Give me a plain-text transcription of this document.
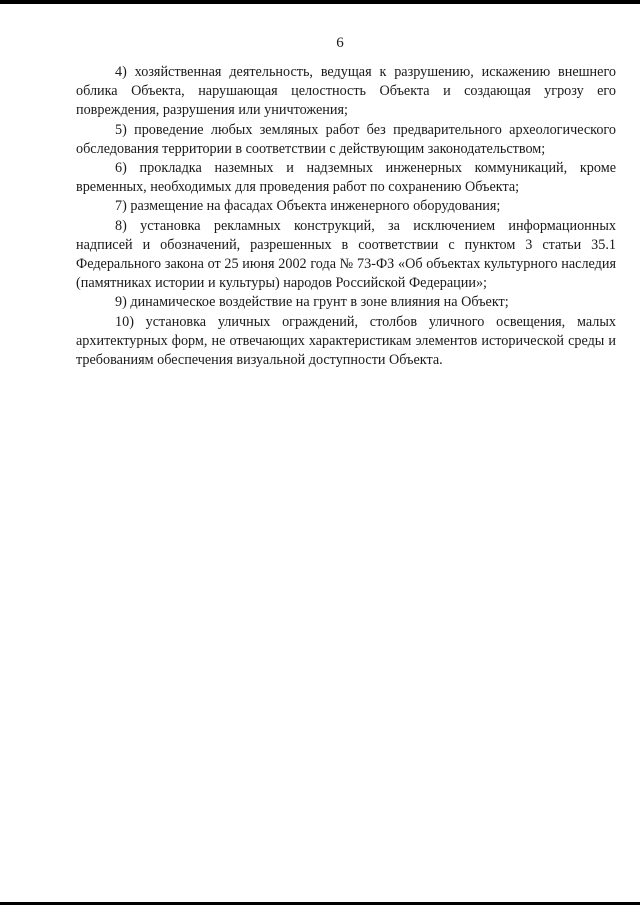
6

4) хозяйственная деятельность, ведущая к разрушению, искажению внешнего облика Объекта, нарушающая целостность Объекта и создающая угрозу его повреждения, разрушения или уничтожения;

5) проведение любых земляных работ без предварительного археологического обследования территории в соответствии с действующим законодательством;

6) прокладка наземных и надземных инженерных коммуникаций, кроме временных, необходимых для проведения работ по сохранению Объекта;

7) размещение на фасадах Объекта инженерного оборудования;

8) установка рекламных конструкций, за исключением информационных надписей и обозначений, разрешенных в соответствии с пунктом 3 статьи 35.1 Федерального закона от 25 июня 2002 года № 73-ФЗ «Об объектах культурного наследия (памятниках истории и культуры) народов Российской Федерации»;

9) динамическое воздействие на грунт в зоне влияния на Объект;

10) установка уличных ограждений, столбов уличного освещения, малых архитектурных форм, не отвечающих характеристикам элементов исторической среды и требованиям обеспечения визуальной доступности Объекта.
